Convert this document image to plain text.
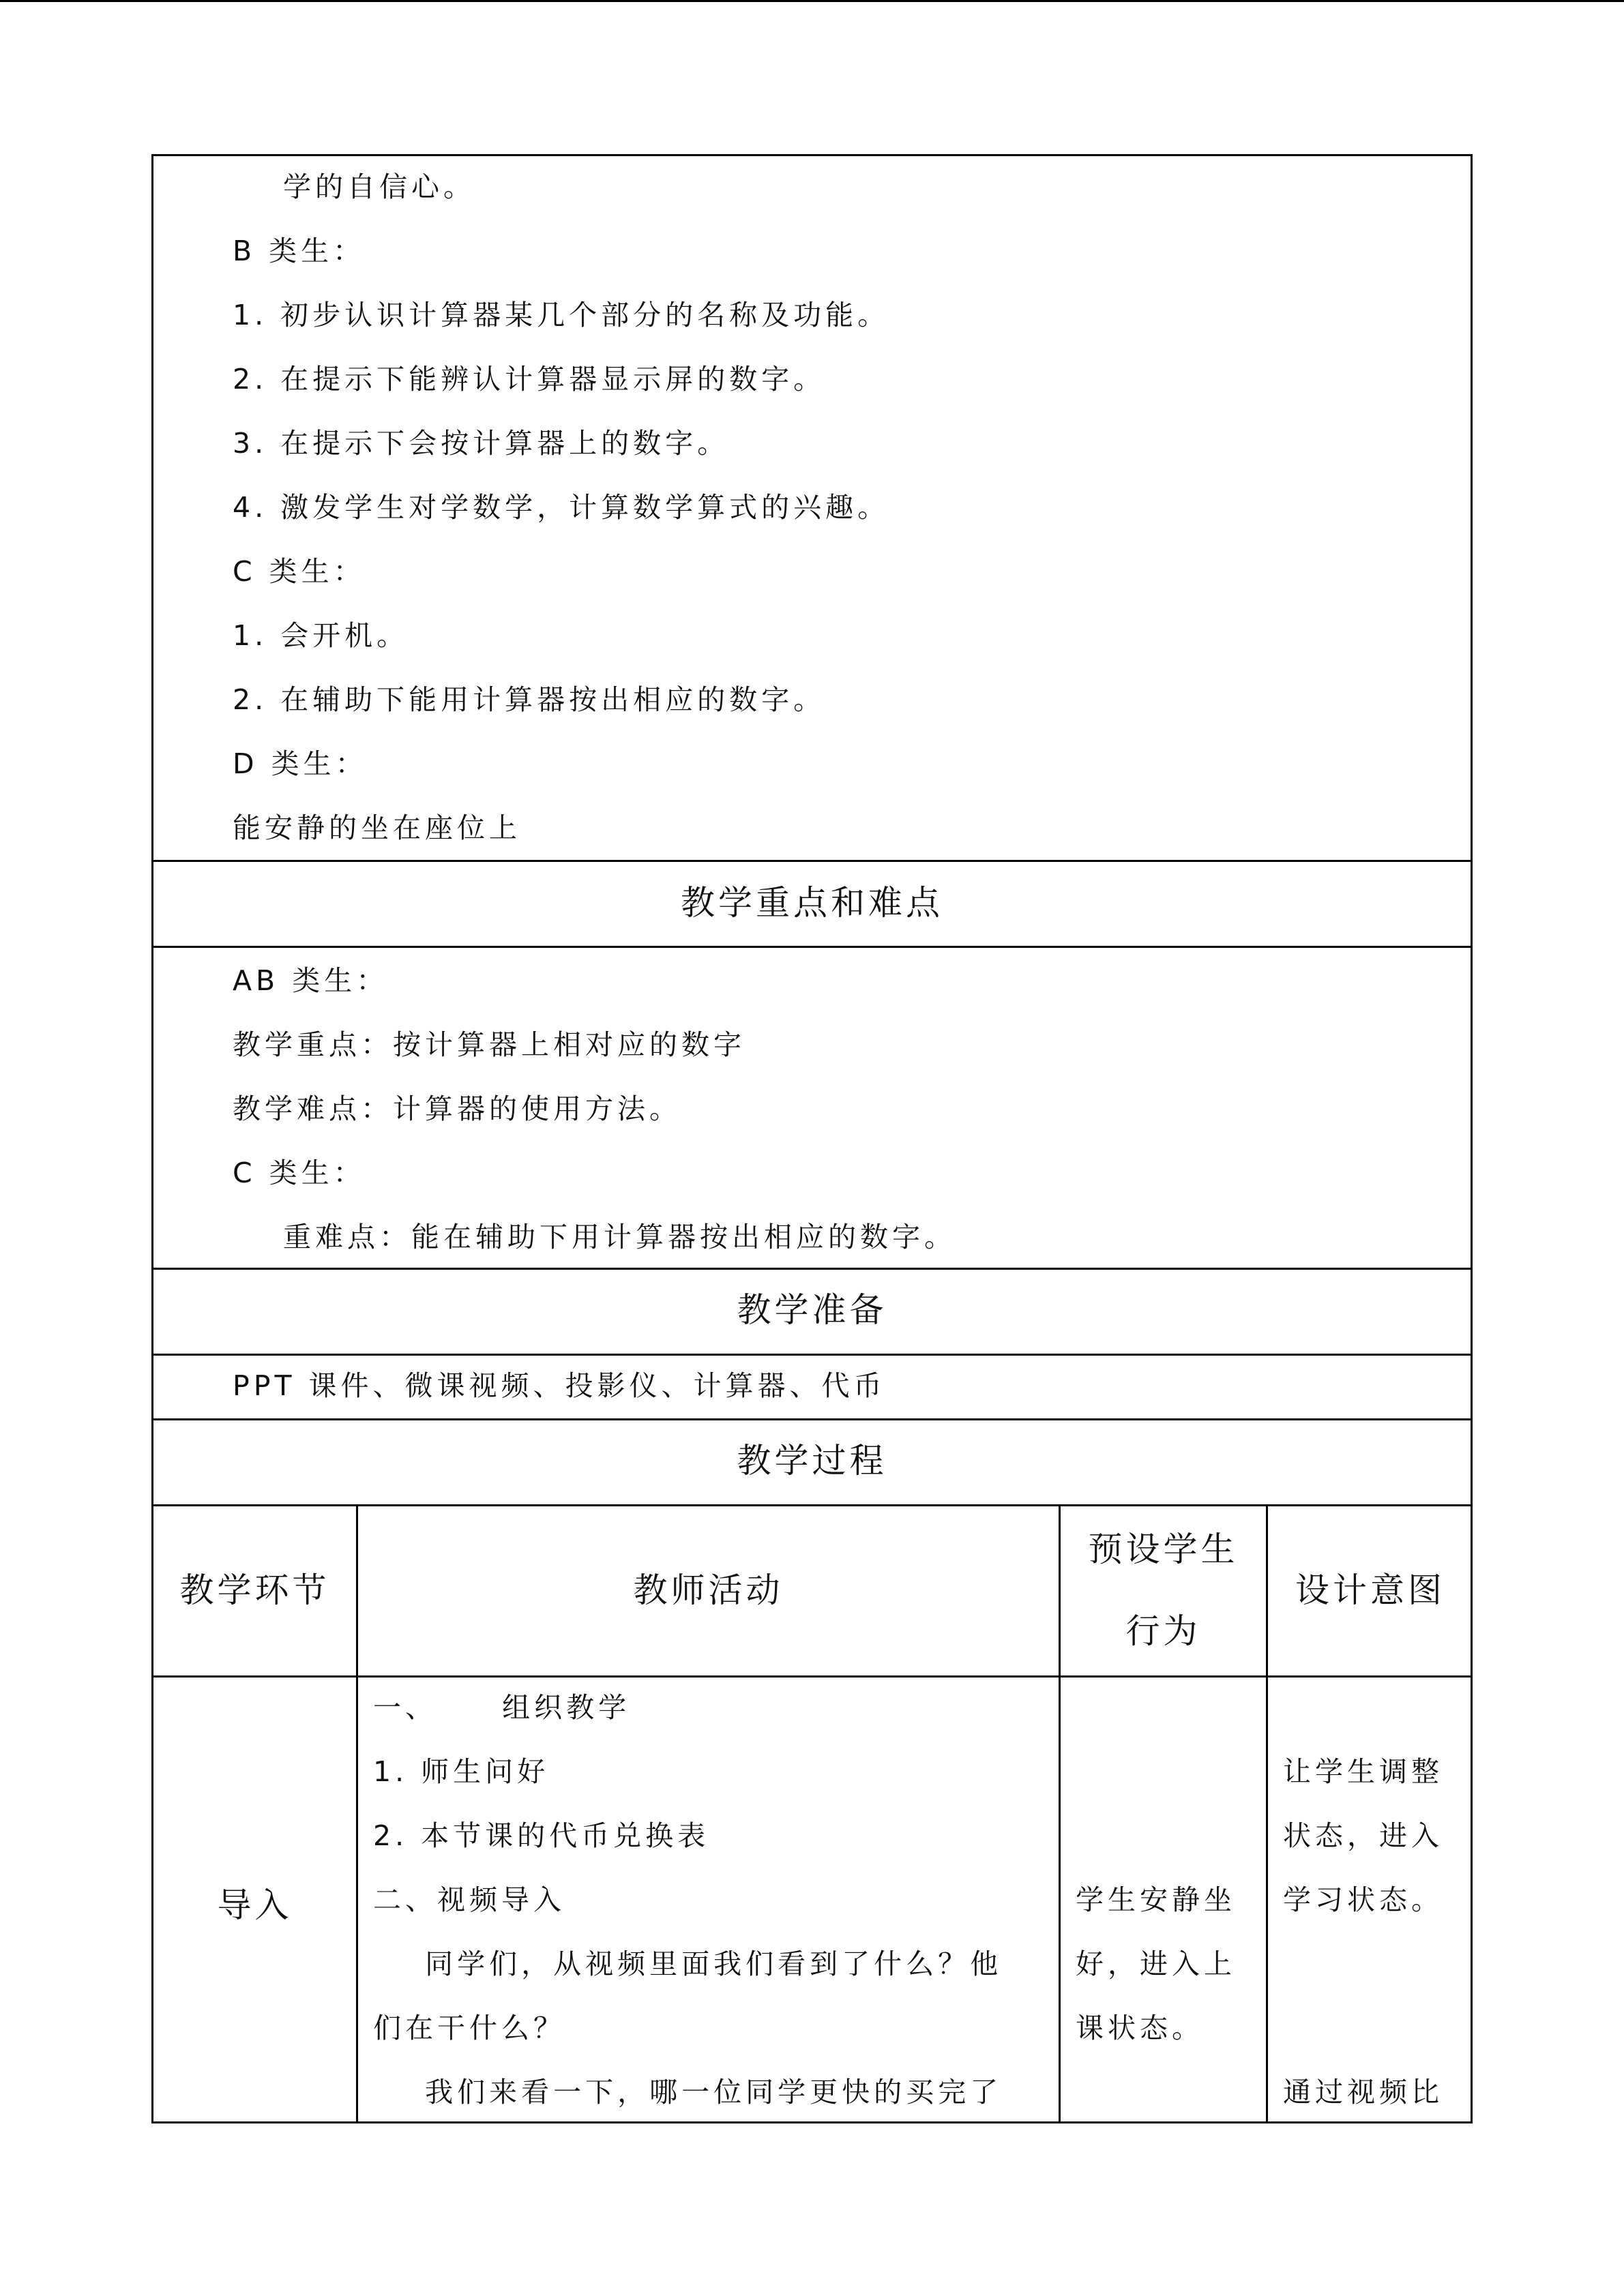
学的自信心。
B 类生：
1. 初步认识计算器某几个部分的名称及功能。
2. 在提示下能辨认计算器显示屏的数字。
3. 在提示下会按计算器上的数字。
4. 激发学生对学数学，计算数学算式的兴趣。
C 类生：
1. 会开机。
2. 在辅助下能用计算器按出相应的数字。
D 类生：
能安静的坐在座位上
教学重点和难点
AB 类生：
教学重点：按计算器上相对应的数字
教学难点：计算器的使用方法。
C 类生：
重难点：能在辅助下用计算器按出相应的数字。
教学准备
PPT 课件、微课视频、投影仪、计算器、代币
教学过程
教学环节	教师活动
预设学生
行为
设计意图
导入
一、     组织教学
1. 师生问好
2. 本节课的代币兑换表
二、视频导入
同学们，从视频里面我们看到了什么？他
们在干什么？
我们来看一下，哪一位同学更快的买完了
学生安静坐
好，进入上
课状态。
让学生调整
状态，进入
学习状态。
通过视频比
